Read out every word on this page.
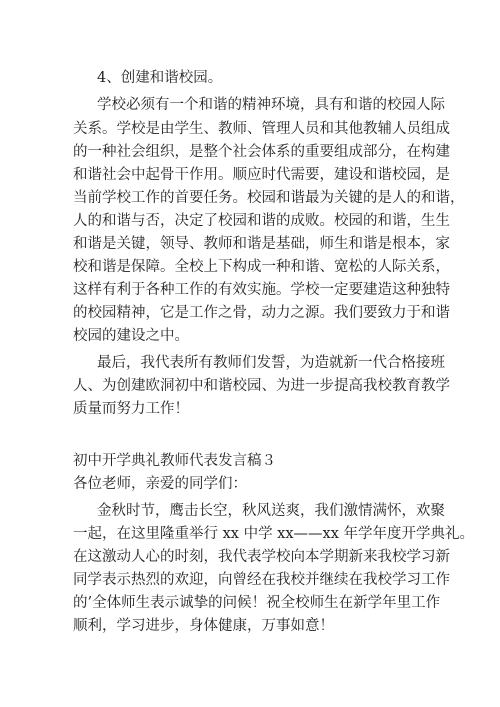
4、创建和谐校园。
学校必须有一个和谐的精神环境，具有和谐的校园人际
关系。学校是由学生、教师、管理人员和其他教辅人员组成
的一种社会组织，是整个社会体系的重要组成部分，在构建
和谐社会中起骨干作用。顺应时代需要，建设和谐校园，是
当前学校工作的首要任务。校园和谐最为关键的是人的和谐，
人的和谐与否，决定了校园和谐的成败。校园的和谐，生生
和谐是关键，领导、教师和谐是基础，师生和谐是根本，家
校和谐是保障。全校上下构成一种和谐、宽松的人际关系，
这样有利于各种工作的有效实施。学校一定要建造这种独特
的校园精神，它是工作之骨，动力之源。我们要致力于和谐
校园的建设之中。
最后，我代表所有教师们发誓，为造就新一代合格接班
人、为创建欧洞初中和谐校园、为进一步提高我校教育教学
质量而努力工作！
初中开学典礼教师代表发言稿３
各位老师，亲爱的同学们：
金秋时节，鹰击长空，秋风送爽，我们激情满怀，欢聚
一起，在这里隆重举行 xx 中学 xx——xx 年学年度开学典礼。
在这激动人心的时刻，我代表学校向本学期新来我校学习新
同学表示热烈的欢迎，向曾经在我校并继续在我校学习工作
的’全体师生表示诚挚的问候！祝全校师生在新学年里工作
顺利，学习进步，身体健康，万事如意！
